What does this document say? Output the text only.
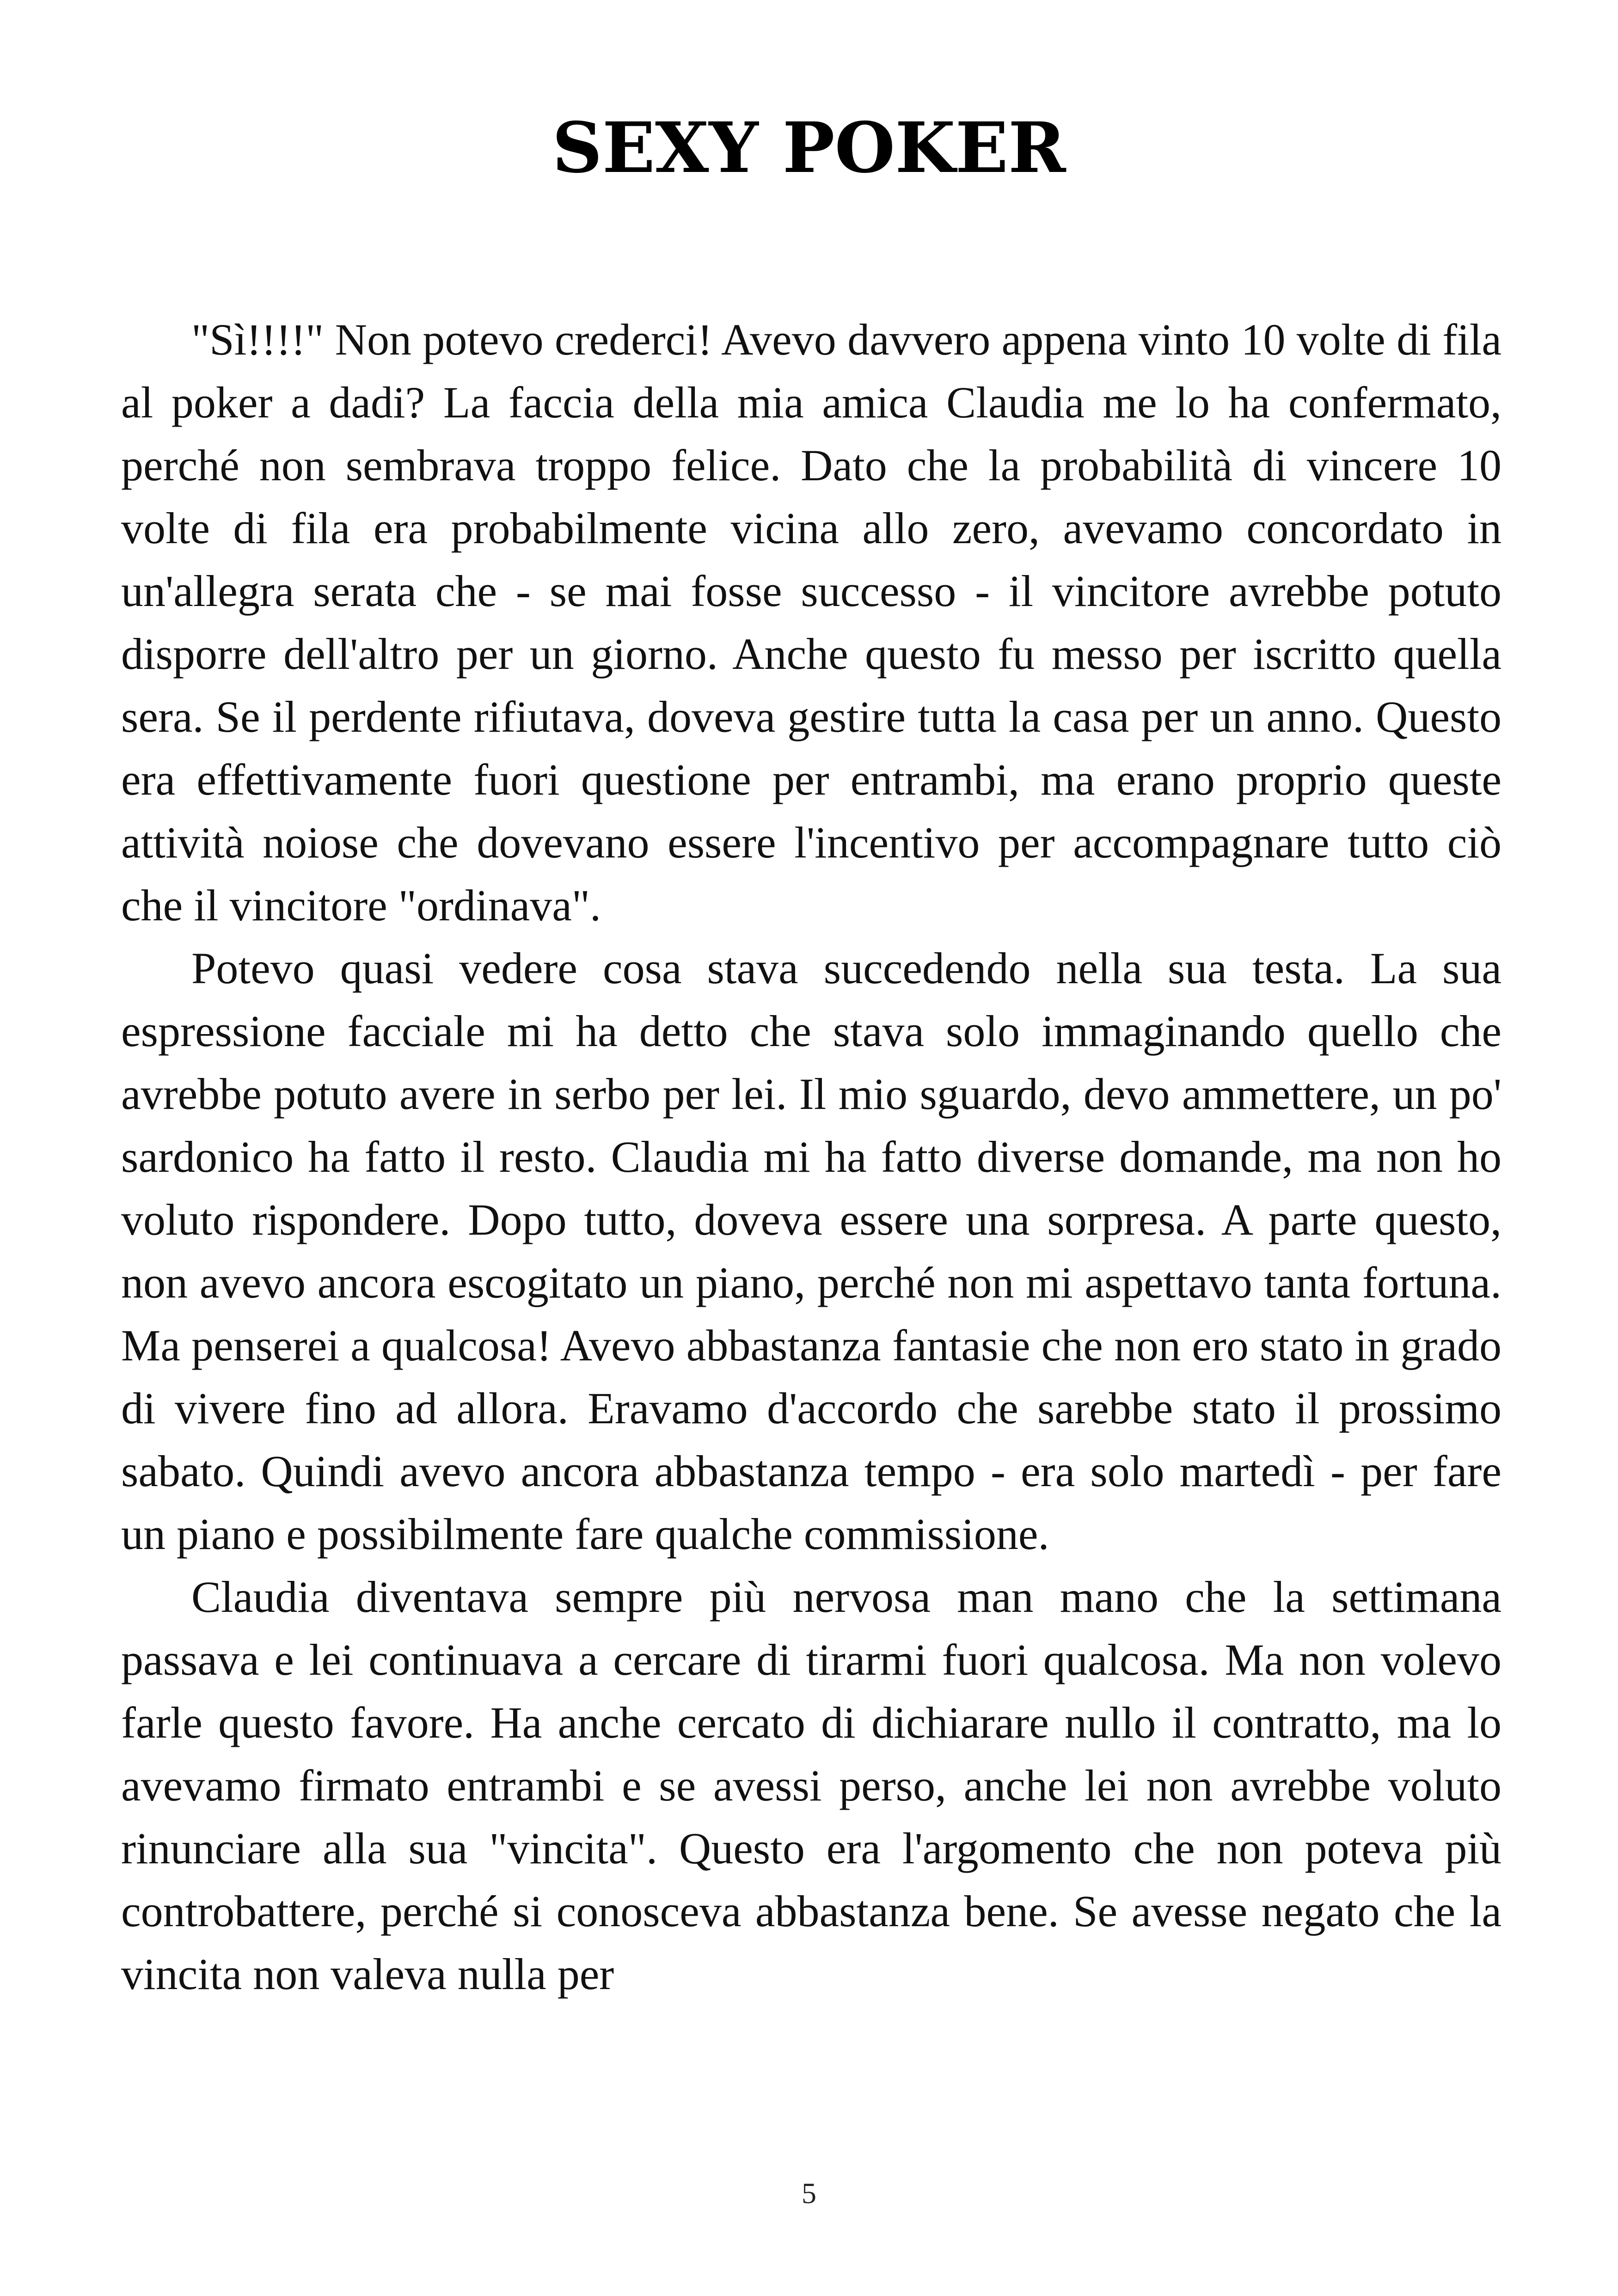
SEXY POKER

"Sì!!!!" Non potevo crederci! Avevo davvero appena vinto 10 volte di fila al poker a dadi? La faccia della mia amica Claudia me lo ha confermato, perché non sembrava troppo felice. Dato che la probabilità di vincere 10 volte di fila era probabilmente vicina allo zero, avevamo concordato in un'allegra serata che - se mai fosse successo - il vincitore avrebbe potuto disporre dell'altro per un giorno. Anche questo fu messo per iscritto quella sera. Se il perdente rifiutava, doveva gestire tutta la casa per un anno. Questo era effettivamente fuori questione per entrambi, ma erano proprio queste attività noiose che dovevano essere l'incentivo per accompagnare tutto ciò che il vincitore "ordinava".

Potevo quasi vedere cosa stava succedendo nella sua testa. La sua espressione facciale mi ha detto che stava solo immaginando quello che avrebbe potuto avere in serbo per lei. Il mio sguardo, devo ammettere, un po' sardonico ha fatto il resto. Claudia mi ha fatto diverse domande, ma non ho voluto rispondere. Dopo tutto, doveva essere una sorpresa. A parte questo, non avevo ancora escogitato un piano, perché non mi aspettavo tanta fortuna. Ma penserei a qualcosa! Avevo abbastanza fantasie che non ero stato in grado di vivere fino ad allora. Eravamo d'accordo che sarebbe stato il prossimo sabato. Quindi avevo ancora abbastanza tempo - era solo martedì - per fare un piano e possibilmente fare qualche commissione.

Claudia diventava sempre più nervosa man mano che la settimana passava e lei continuava a cercare di tirarmi fuori qualcosa. Ma non volevo farle questo favore. Ha anche cercato di dichiarare nullo il contratto, ma lo avevamo firmato entrambi e se avessi perso, anche lei non avrebbe voluto rinunciare alla sua "vincita". Questo era l'argomento che non poteva più controbattere, perché si conosceva abbastanza bene. Se avesse negato che la vincita non valeva nulla per

5
